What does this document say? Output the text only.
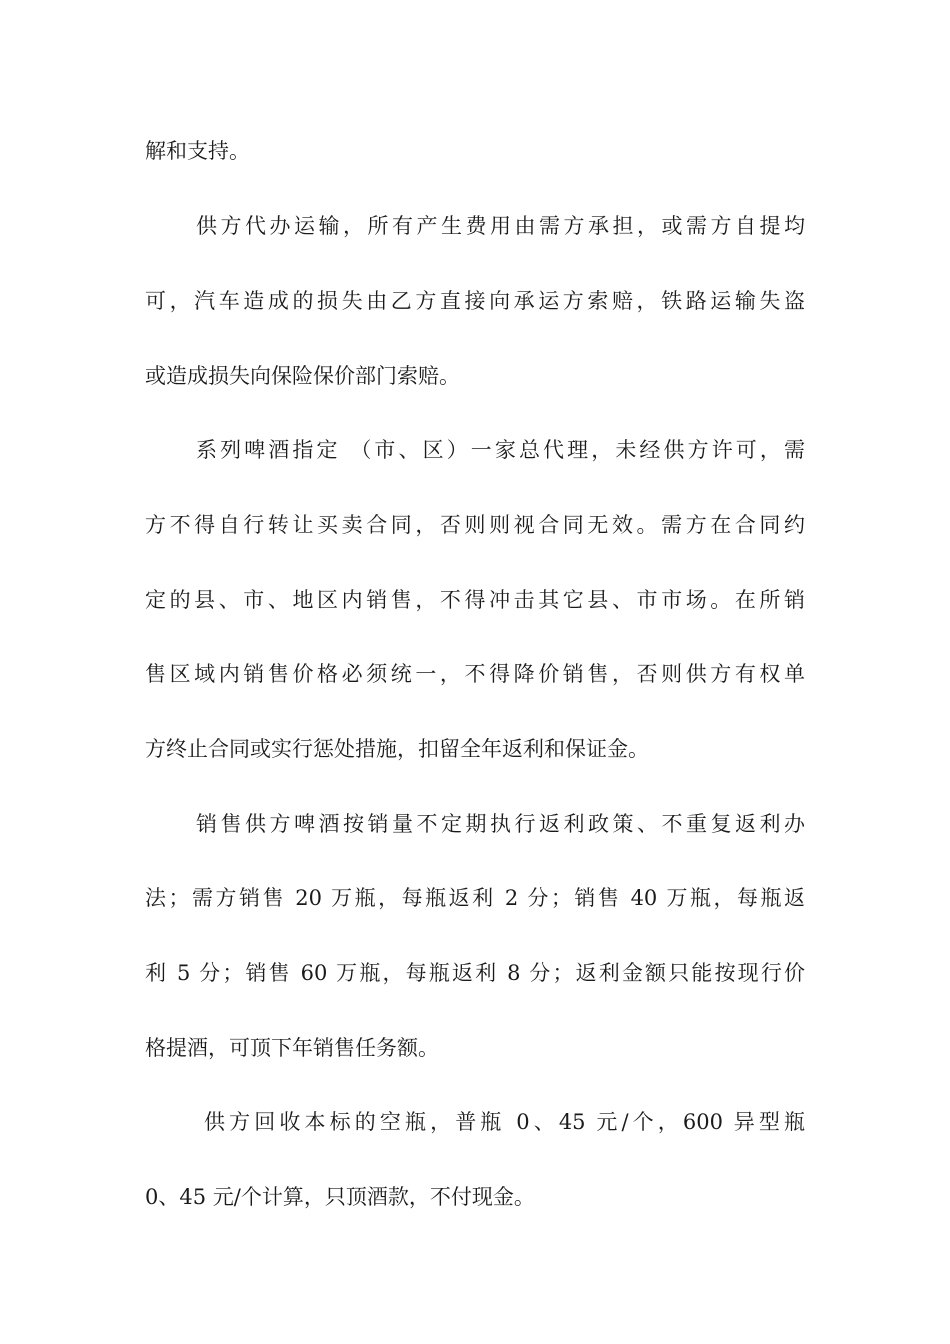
解和支持。
供方代办运输，所有产生费用由需方承担，或需方自提均
可，汽车造成的损失由乙方直接向承运方索赔，铁路运输失盗
或造成损失向保险保价部门索赔。
系列啤酒指定 （市、区）一家总代理，未经供方许可，需
方不得自行转让买卖合同，否则则视合同无效。需方在合同约
定的县、市、地区内销售，不得冲击其它县、市市场。在所销
售区域内销售价格必须统一，不得降价销售，否则供方有权单
方终止合同或实行惩处措施，扣留全年返利和保证金。
销售供方啤酒按销量不定期执行返利政策、不重复返利办
法；需方销售 20 万瓶，每瓶返利 2 分；销售 40 万瓶，每瓶返
利 5 分；销售 60 万瓶，每瓶返利 8 分；返利金额只能按现行价
格提酒，可顶下年销售任务额。
供方回收本标的空瓶，普瓶 0、45 元/个，600 异型瓶
0、45 元/个计算，只顶酒款，不付现金。
